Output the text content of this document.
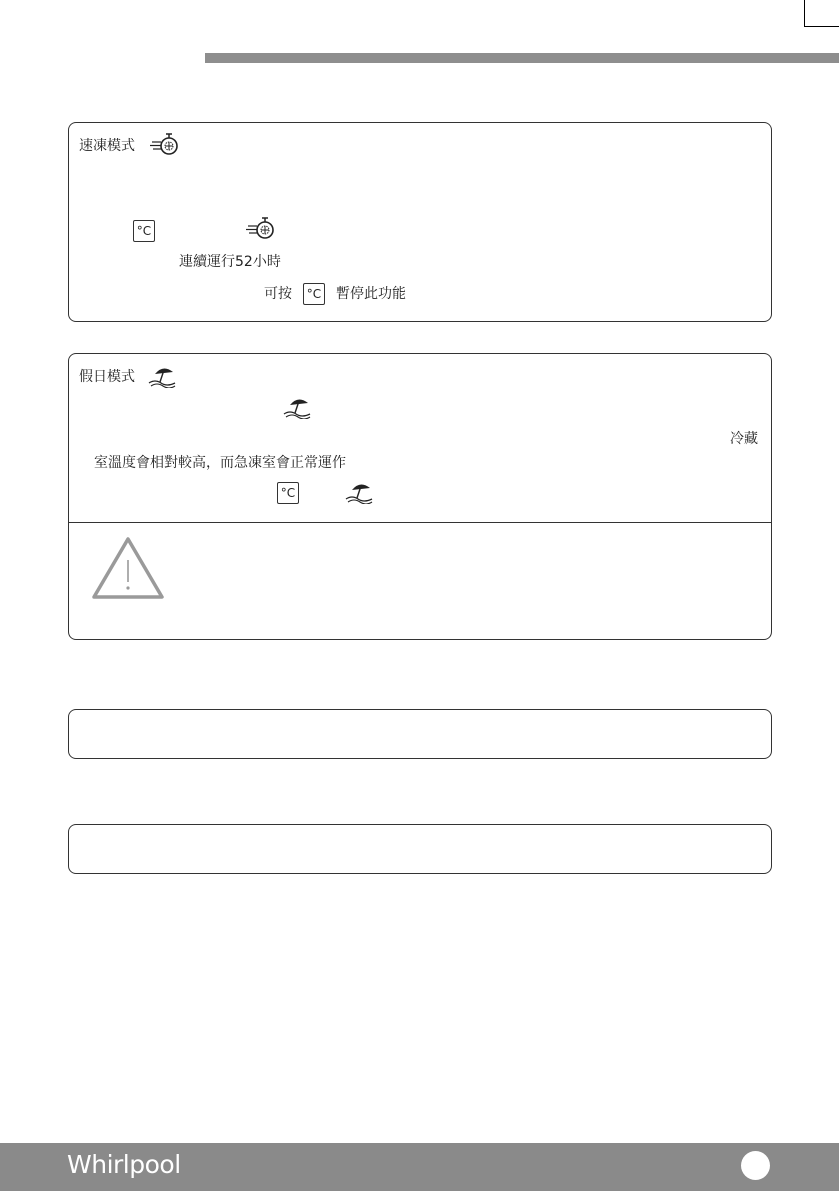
速凍模式
°C
連續運行52小時
可按	°C 暫停此功能
假日模式
冷藏
室溫度會相對較高，而急凍室會正常運作
°C
Whirlpool
